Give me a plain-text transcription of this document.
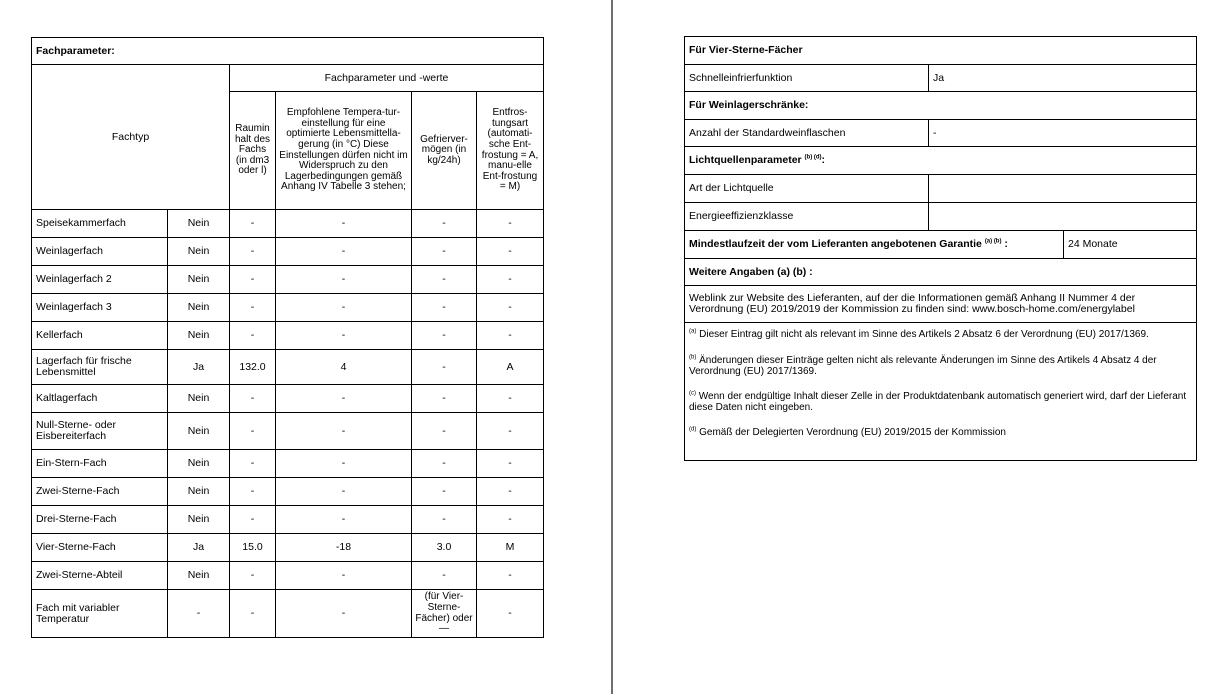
Fachparameter:					
Fachtyp		Fachparameter und -werte			
		Raumin halt des Fachs (in dm3 oder l)	Empfohlene Tempera-tur-einstellung für eine optimierte Lebensmittella-gerung (in °C) Diese Einstellungen dürfen nicht im Widerspruch zu den Lagerbedingungen gemäß Anhang IV Tabelle 3 stehen;	Gefrierver-mögen (in kg/24h)	Entfros-tungsart (automati-sche Ent-frostung = A, manu-elle Ent-frostung = M)
Speisekammerfach	Nein	-	-	-	-
Weinlagerfach	Nein	-	-	-	-
Weinlagerfach 2	Nein	-	-	-	-
Weinlagerfach 3	Nein	-	-	-	-
Kellerfach	Nein	-	-	-	-
Lagerfach für frische Lebensmittel	Ja	132.0	4	-	A
Kaltlagerfach	Nein	-	-	-	-
Null-Sterne- oder Eisbereiterfach	Nein	-	-	-	-
Ein-Stern-Fach	Nein	-	-	-	-
Zwei-Sterne-Fach	Nein	-	-	-	-
Drei-Sterne-Fach	Nein	-	-	-	-
Vier-Sterne-Fach	Ja	15.0	-18	3.0	M
Zwei-Sterne-Abteil	Nein	-	-	-	-
Fach mit variabler Temperatur	-	-	-	(für Vier-Sterne-Fächer) oder —	-
Für Vier-Sterne-Fächer		
Schnelleinfrierfunktion	Ja	
Für Weinlagerschränke:		
Anzahl der Standardweinflaschen	-	
Lichtquellenparameter $^{(b) (d)}$:		
Art der Lichtquelle		
Energieeffizienzklasse		
Mindestlaufzeit der vom Lieferanten angebotenen Garantie $^{(a) (b)}$ :		24 Monate
Weitere Angaben (a) (b) :		
Weblink zur Website des Lieferanten, auf der die Informationen gemäß Anhang II Nummer 4 der Verordnung (EU) 2019/2019 der Kommission zu finden sind: www.bosch-home.com/energylabel		

$^{(a)}$ Dieser Eintrag gilt nicht als relevant im Sinne des Artikels 2 Absatz 6 der Verordnung (EU) 2017/1369.
$^{(b)}$ Änderungen dieser Einträge gelten nicht als relevante Änderungen im Sinne des Artikels 4 Absatz 4 der Verordnung (EU) 2017/1369.
$^{(c)}$ Wenn der endgültige Inhalt dieser Zelle in der Produktdatenbank automatisch generiert wird, darf der Lieferant diese Daten nicht eingeben.
$^{(d)}$ Gemäß der Delegierten Verordnung (EU) 2019/2015 der Kommission		
